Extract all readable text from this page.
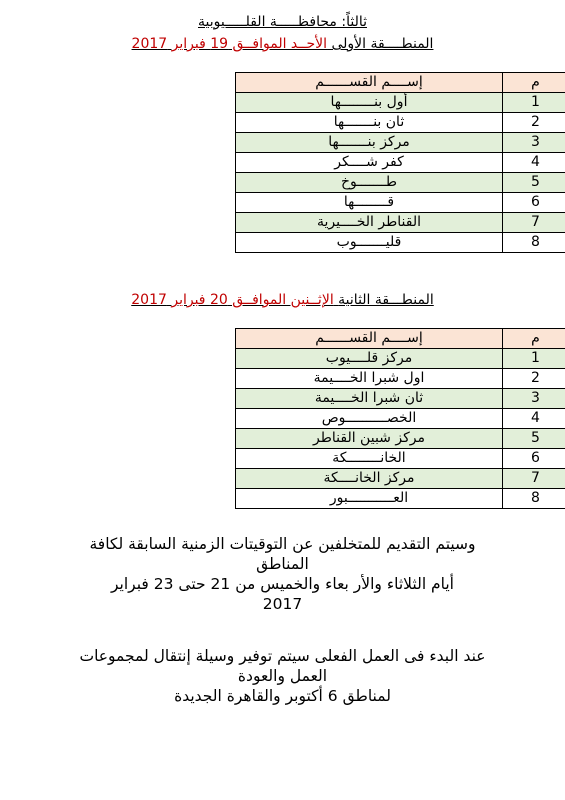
ثالثاً: محافظـــــة القلـــــيوبية
المنطــــقة الأولى الأحــد الموافــق 19 فبراير 2017
إســــم القســــــم	م
أول بنــــــــها	1
ثان بنـــــــها	2
مركز بنـــــــها	3
كفر شــــكر	4
طـــــــوخ	5
قــــــــها	6
القناطر الخــــيرية	7
قليـــــــوب	8
المنطـــقة الثانية الإثــنين الموافــق 20 فبراير 2017
إســــم القســــــم	م
مركز قلــــيوب	1
اول شبرا الخــــيمة	2
ثان شبرا الخــــيمة	3
الخصــــــــــوص	4
مركز شبين القناطر	5
الخانــــــــكة	6
مركز الخانــــكة	7
العـــــــــــبور	8
وسيتم التقديم للمتخلفين عن التوقيتات الزمنية السابقة لكافة
المناطق
أيام الثلاثاء والأر بعاء والخميس من 21 حتى 23 فبراير
2017
عند البدء فى العمل الفعلى سيتم توفير وسيلة إنتقال لمجموعات
العمل والعودة
لمناطق 6 أكتوبر والقاهرة الجديدة
